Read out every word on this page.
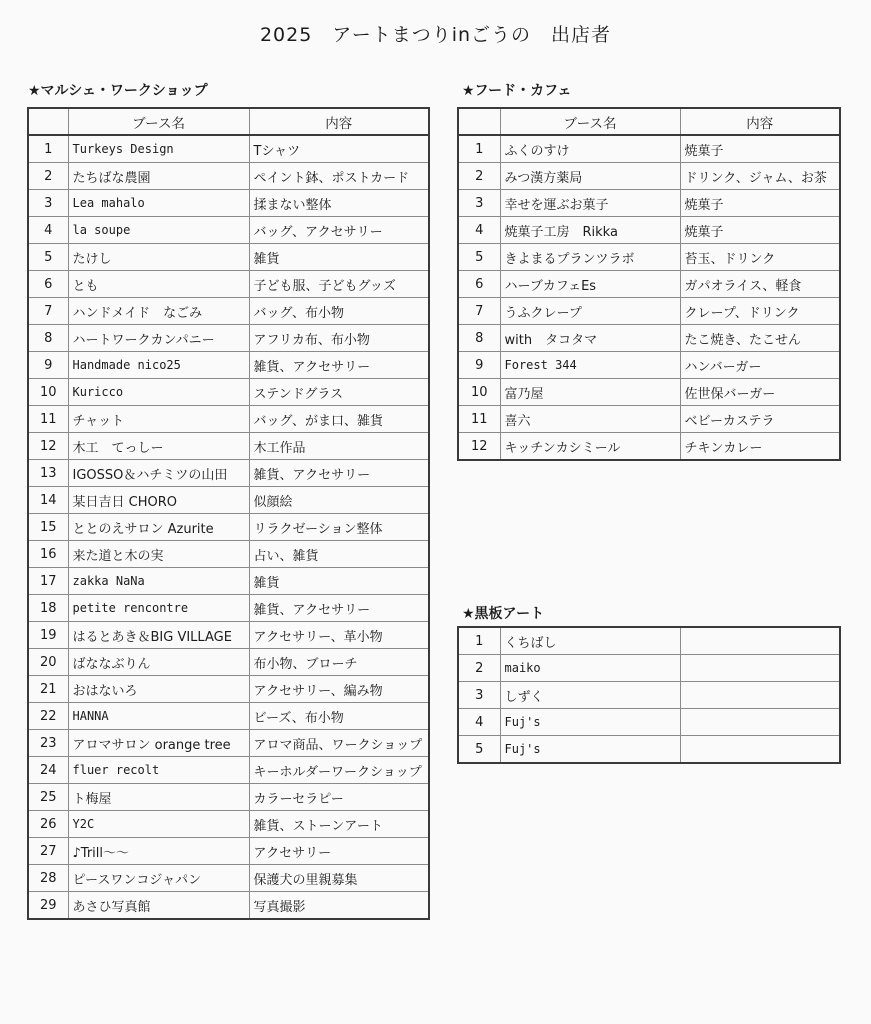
2025　アートまつりinごうの　出店者
★マルシェ・ワークショップ
	ブース名	内容
1	Turkeys Design	Tシャツ
2	たちばな農園	ペイント鉢、ポストカード
3	Lea mahalo	揉まない整体
4	la soupe	バッグ、アクセサリー
5	たけし	雑貨
6	とも	子ども服、子どもグッズ
7	ハンドメイド　なごみ	バッグ、布小物
8	ハートワークカンパニー	アフリカ布、布小物
9	Handmade nico25	雑貨、アクセサリー
10	Kuricco	ステンドグラス
11	チャット	バッグ、がま口、雑貨
12	木工　てっしー	木工作品
13	IGOSSO＆ハチミツの山田	雑貨、アクセサリー
14	某日吉日 CHORO	似顔絵
15	ととのえサロン Azurite	リラクゼーション整体
16	来た道と木の実	占い、雑貨
17	zakka NaNa	雑貨
18	petite rencontre	雑貨、アクセサリー
19	はるとあき＆BIG VILLAGE	アクセサリー、革小物
20	ばななぶりん	布小物、ブローチ
21	おはないろ	アクセサリー、編み物
22	HANNA	ビーズ、布小物
23	アロマサロン orange tree	アロマ商品、ワークショップ
24	fluer recolt	キーホルダーワークショップ
25	ト梅屋	カラーセラピー
26	Y2C	雑貨、ストーンアート
27	♪Trill～～	アクセサリー
28	ピースワンコジャパン	保護犬の里親募集
29	あさひ写真館	写真撮影
★フード・カフェ
	ブース名	内容
1	ふくのすけ	焼菓子
2	みつ漢方薬局	ドリンク、ジャム、お茶
3	幸せを運ぶお菓子	焼菓子
4	焼菓子工房　Rikka	焼菓子
5	きよまるプランツラボ	苔玉、ドリンク
6	ハーブカフェEs	ガパオライス、軽食
7	うふクレープ	クレープ、ドリンク
8	with　タコタマ	たこ焼き、たこせん
9	Forest 344	ハンバーガー
10	富乃屋	佐世保バーガー
11	喜六	ベビーカステラ
12	キッチンカシミール	チキンカレー
★黒板アート
1	くちばし	
2	maiko	
3	しずく	
4	Fuj's	
5	Fuj's	
